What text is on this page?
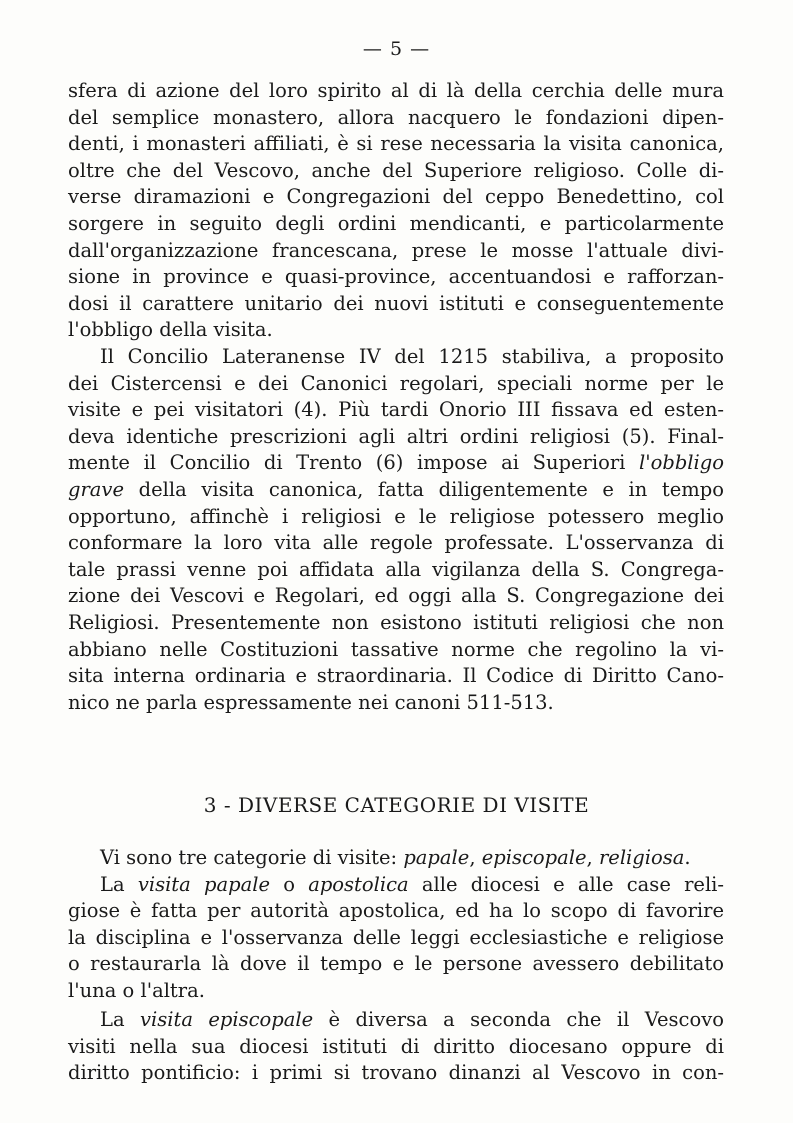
— 5 —
sfera di azione del loro spirito al di là della cerchia delle mura
del semplice monastero, allora nacquero le fondazioni dipen-
denti, i monasteri affiliati, è si rese necessaria la visita canonica,
oltre che del Vescovo, anche del Superiore religioso. Colle di-
verse diramazioni e Congregazioni del ceppo Benedettino, col
sorgere in seguito degli ordini mendicanti, e particolarmente
dall'organizzazione francescana, prese le mosse l'attuale divi-
sione in province e quasi-province, accentuandosi e rafforzan-
dosi il carattere unitario dei nuovi istituti e conseguentemente
l'obbligo della visita.
Il Concilio Lateranense IV del 1215 stabiliva, a proposito
dei Cistercensi e dei Canonici regolari, speciali norme per le
visite e pei visitatori (4). Più tardi Onorio III fissava ed esten-
deva identiche prescrizioni agli altri ordini religiosi (5). Final-
mente il Concilio di Trento (6) impose ai Superiori l'obbligo
grave della visita canonica, fatta diligentemente e in tempo
opportuno, affinchè i religiosi e le religiose potessero meglio
conformare la loro vita alle regole professate. L'osservanza di
tale prassi venne poi affidata alla vigilanza della S. Congrega-
zione dei Vescovi e Regolari, ed oggi alla S. Congregazione dei
Religiosi. Presentemente non esistono istituti religiosi che non
abbiano nelle Costituzioni tassative norme che regolino la vi-
sita interna ordinaria e straordinaria. Il Codice di Diritto Cano-
nico ne parla espressamente nei canoni 511-513.
3 - DIVERSE CATEGORIE DI VISITE
Vi sono tre categorie di visite: papale, episcopale, religiosa.
La visita papale o apostolica alle diocesi e alle case reli-
giose è fatta per autorità apostolica, ed ha lo scopo di favorire
la disciplina e l'osservanza delle leggi ecclesiastiche e religiose
o restaurarla là dove il tempo e le persone avessero debilitato
l'una o l'altra.
La visita episcopale è diversa a seconda che il Vescovo
visiti nella sua diocesi istituti di diritto diocesano oppure di
diritto pontificio: i primi si trovano dinanzi al Vescovo in con-
